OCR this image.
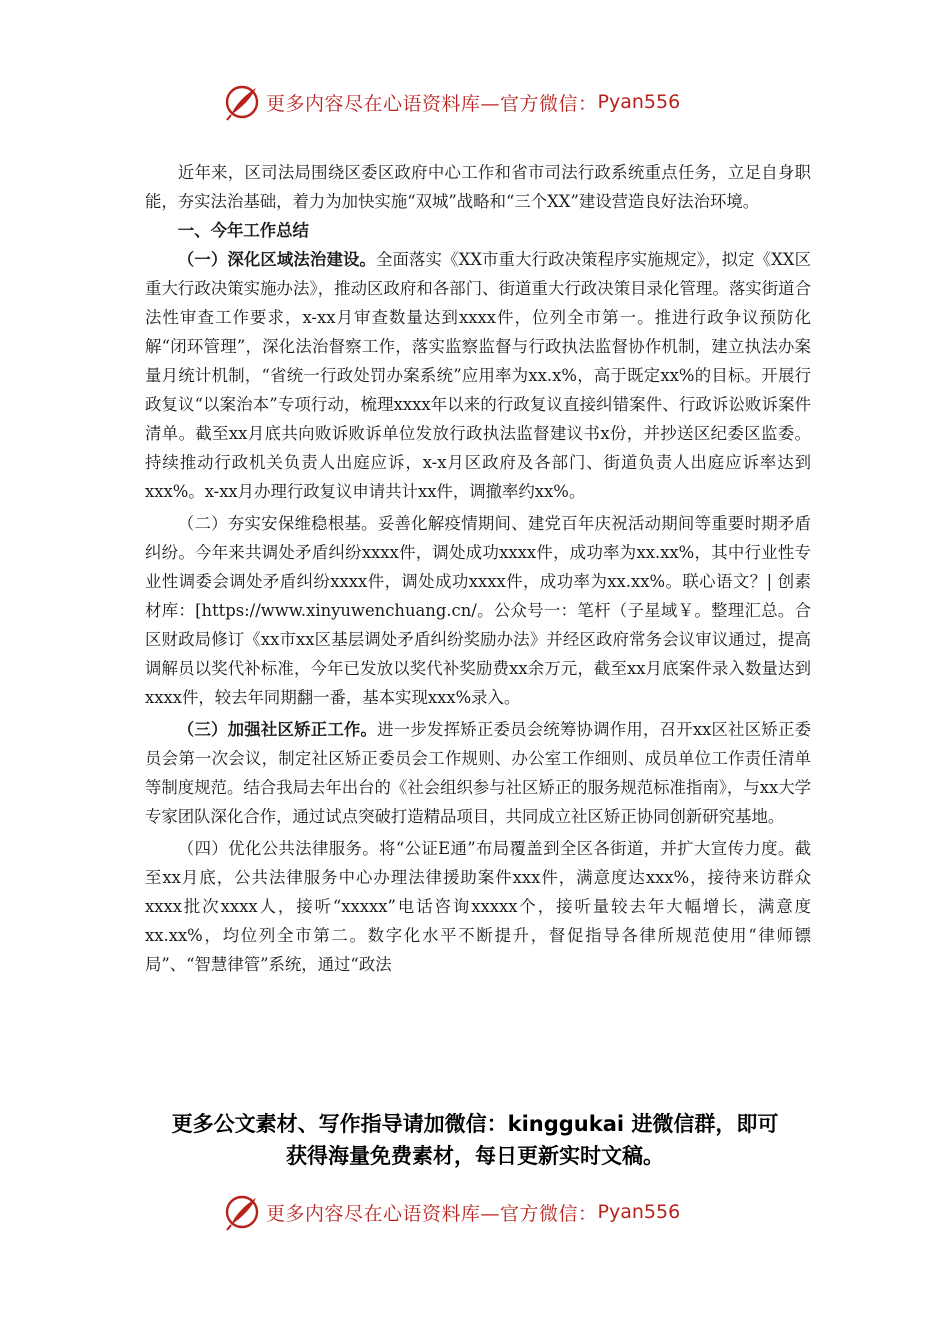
更多内容尽在心语资料库—官方微信： Pyan556

近年来，区司法局围绕区委区政府中心工作和省市司法行政系统重点任务，立足自身职能，夯实法治基础，着力为加快实施“双城”战略和“三个XX”建设营造良好法治环境。

一、今年工作总结

（一）深化区域法治建设。全面落实《XX市重大行政决策程序实施规定》，拟定《XX区重大行政决策实施办法》，推动区政府和各部门、街道重大行政决策目录化管理。落实街道合法性审查工作要求，x-xx月审查数量达到xxxx件，位列全市第一。推进行政争议预防化解“闭环管理”，深化法治督察工作，落实监察监督与行政执法监督协作机制，建立执法办案量月统计机制，“省统一行政处罚办案系统”应用率为xx.x%，高于既定xx%的目标。开展行政复议“以案治本”专项行动，梳理xxxx年以来的行政复议直接纠错案件、行政诉讼败诉案件清单。截至xx月底共向败诉败诉单位发放行政执法监督建议书x份，并抄送区纪委区监委。持续推动行政机关负责人出庭应诉，x-x月区政府及各部门、街道负责人出庭应诉率达到xxx%。x-xx月办理行政复议申请共计xx件，调撤率约xx%。

（二）夯实安保维稳根基。妥善化解疫情期间、建党百年庆祝活动期间等重要时期矛盾纠纷。今年来共调处矛盾纠纷xxxx件，调处成功xxxx件，成功率为xx.xx%，其中行业性专业性调委会调处矛盾纠纷xxxx件，调处成功xxxx件，成功率为xx.xx%。联心语文？| 创素材库：[https://www.xinyuwenchuang.cn/。公众号一：笔杆（子星域￥。整理汇总。合区财政局修订《xx市xx区基层调处矛盾纠纷奖励办法》并经区政府常务会议审议通过，提高调解员以奖代补标准，今年已发放以奖代补奖励费xx余万元，截至xx月底案件录入数量达到xxxx件，较去年同期翻一番，基本实现xxx%录入。

（三）加强社区矫正工作。进一步发挥矫正委员会统筹协调作用，召开xx区社区矫正委员会第一次会议，制定社区矫正委员会工作规则、办公室工作细则、成员单位工作责任清单等制度规范。结合我局去年出台的《社会组织参与社区矫正的服务规范标准指南》，与xx大学专家团队深化合作，通过试点突破打造精品项目，共同成立社区矫正协同创新研究基地。

（四）优化公共法律服务。将“公证E通”布局覆盖到全区各街道，并扩大宣传力度。截至xx月底，公共法律服务中心办理法律援助案件xxx件，满意度达xxx%，接待来访群众xxxx批次xxxx人，接听“xxxxx”电话咨询xxxxx个，接听量较去年大幅增长，满意度xx.xx%，均位列全市第二。数字化水平不断提升，督促指导各律所规范使用“律师镖局”、“智慧律管”系统，通过“政法

更多公文素材、写作指导请加微信：kinggukai 进微信群，即可
获得海量免费素材，每日更新实时文稿。
更多内容尽在心语资料库—官方微信： Pyan556
